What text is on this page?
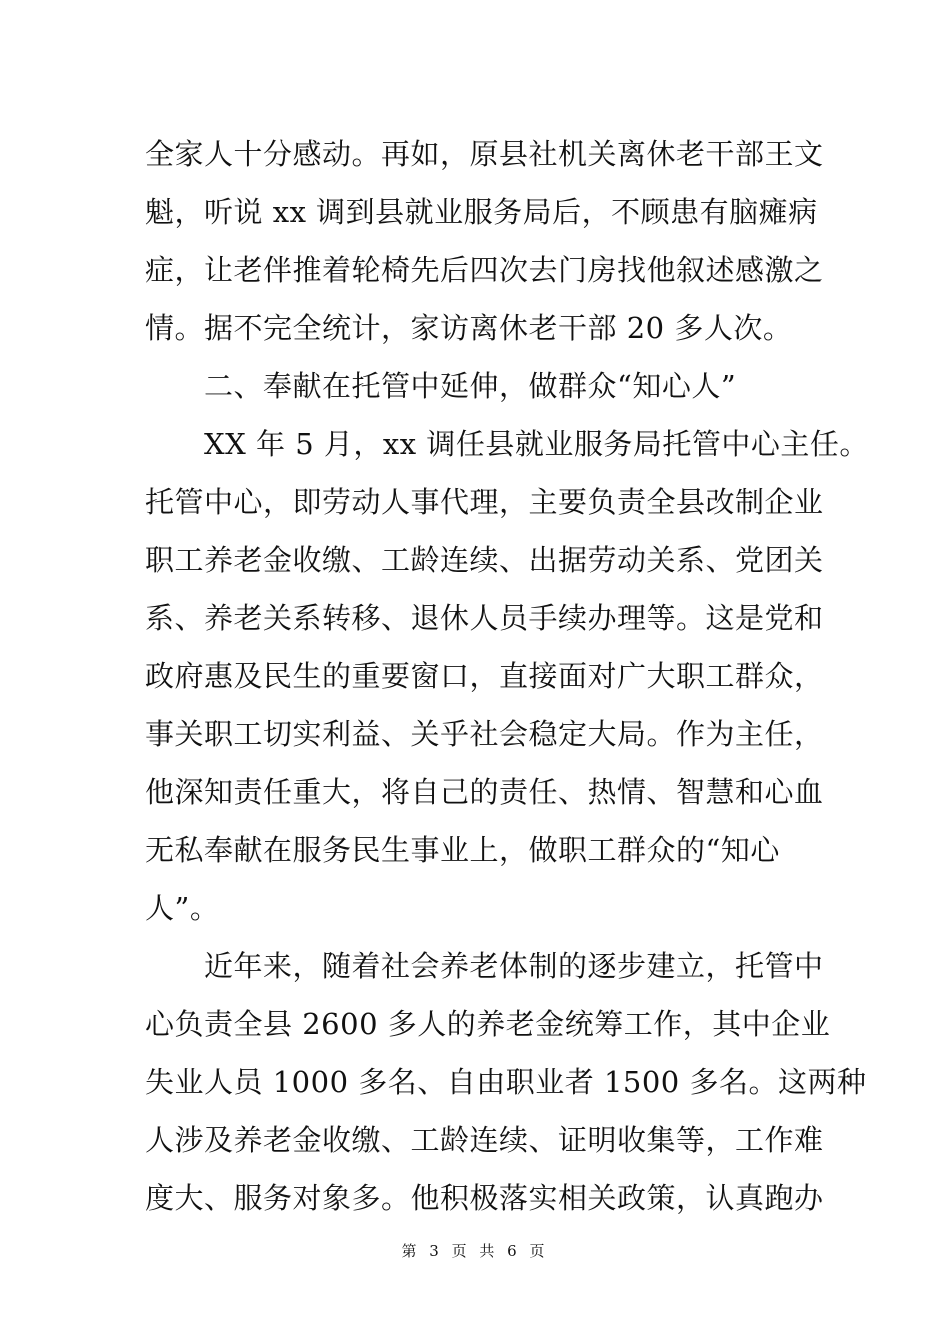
全家人十分感动。再如，原县社机关离休老干部王文
魁，听说 xx 调到县就业服务局后，不顾患有脑瘫病
症，让老伴推着轮椅先后四次去门房找他叙述感激之
情。据不完全统计，家访离休老干部 20 多人次。
　　二、奉献在托管中延伸，做群众“知心人”
　　XX 年 5 月，xx 调任县就业服务局托管中心主任。
托管中心，即劳动人事代理，主要负责全县改制企业
职工养老金收缴、工龄连续、出据劳动关系、党团关
系、养老关系转移、退休人员手续办理等。这是党和
政府惠及民生的重要窗口，直接面对广大职工群众，
事关职工切实利益、关乎社会稳定大局。作为主任，
他深知责任重大，将自己的责任、热情、智慧和心血
无私奉献在服务民生事业上，做职工群众的“知心
人”。
　　近年来，随着社会养老体制的逐步建立，托管中
心负责全县 2600 多人的养老金统筹工作，其中企业
失业人员 1000 多名、自由职业者 1500 多名。这两种
人涉及养老金收缴、工龄连续、证明收集等，工作难
度大、服务对象多。他积极落实相关政策，认真跑办
第 3 页 共 6 页
